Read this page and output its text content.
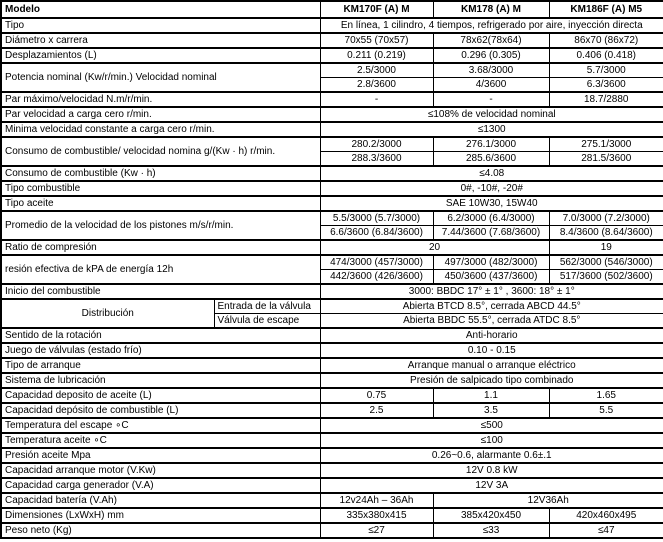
Modelo		KM170F (A) M	KM178 (A) M	KM186F (A) M5
Tipo		En línea, 1 cilindro, 4 tiempos, refrigerado por aire, inyección directa		
Diámetro x carrera		70x55 (70x57)	78x62(78x64)	86x70 (86x72)
Desplazamientos (L)		0.211 (0.219)	0.296 (0.305)	0.406 (0.418)
Potencia nominal (Kw/r/min.) Velocidad nominal		2.5/3000	3.68/3000	5.7/3000
		2.8/3600	4/3600	6.3/3600
Par máximo/velocidad N.m/r/min.		-	-	18.7/2880
Par velocidad a carga cero r/min.		≤108% de velocidad nominal		
Minima velocidad constante a carga cero r/min.		≤1300		
Consumo de combustible/ velocidad nomina g/(Kw · h) r/min.		280.2/3000	276.1/3000	275.1/3000
		288.3/3600	285.6/3600	281.5/3600
Consumo de combustible (Kw · h)		≤4.08		
Tipo combustible		0#, -10#, -20#		
Tipo aceite		SAE 10W30, 15W40		
Promedio de la velocidad de los pistones m/s/r/min.		5.5/3000 (5.7/3000)	6.2/3000 (6.4/3000)	7.0/3000 (7.2/3000)
		6.6/3600 (6.84/3600)	7.44/3600 (7.68/3600)	8.4/3600 (8.64/3600)
Ratio de compresión		20		19
resión efectiva de kPA de energía 12h		474/3000 (457/3000)	497/3000 (482/3000)	562/3000 (546/3000)
		442/3600 (426/3600)	450/3600 (437/3600)	517/3600 (502/3600)
Inicio del combustible		3000: BBDC 17° ± 1° , 3600: 18° ± 1°		
Distribución	Entrada de la válvula	Abierta BTCD 8.5°, cerrada ABCD 44.5°		
	Válvula de escape	Abierta BBDC 55.5°, cerrada ATDC 8.5°		
Sentido de la rotación		Anti-horario		
Juego de válvulas (estado frío)		0.10 - 0.15		
Tipo de arranque		Arranque manual o arranque eléctrico		
Sistema de lubricación		Presión de salpicado tipo combinado		
Capacidad deposito de aceite (L)		0.75	1.1	1.65
Capacidad depósito de combustible (L)		2.5	3.5	5.5
Temperatura del escape ∘C		≤500		
Temperatura aceite ∘C		≤100		
Presión aceite Mpa		0.26~0.6, alarmante 0.6±.1		
Capacidad arranque motor (V.Kw)		12V 0.8 kW		
Capacidad carga generador (V.A)		12V 3A		
Capacidad batería (V.Ah)		12v24Ah – 36Ah	12V36Ah	
Dimensiones (LxWxH) mm		335x380x415	385x420x450	420x460x495
Peso neto (Kg)		≤27	≤33	≤47
